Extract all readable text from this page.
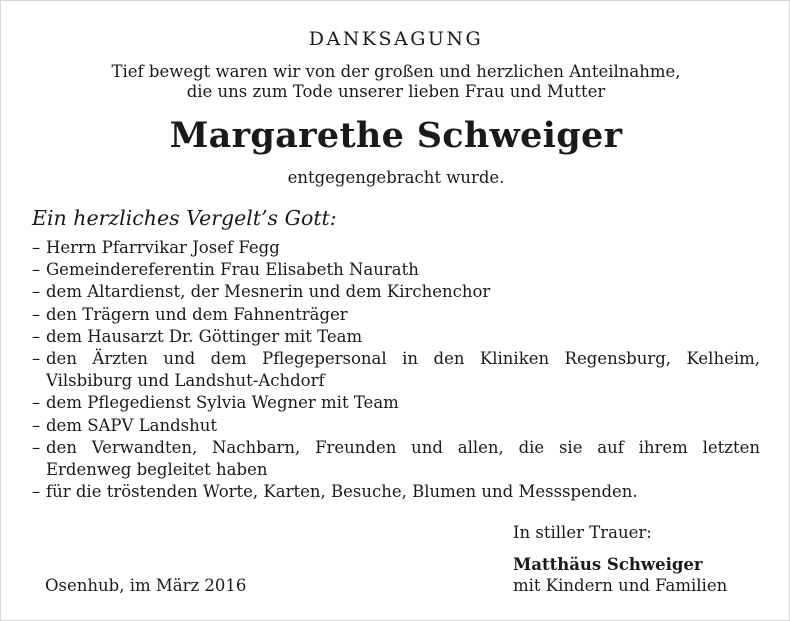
DANKSAGUNG
Tief bewegt waren wir von der großen und herzlichen Anteilnahme,
die uns zum Tode unserer lieben Frau und Mutter
Margarethe Schweiger
entgegengebracht wurde.
Ein herzliches Vergelt’s Gott:
– Herrn Pfarrvikar Josef Fegg
– Gemeindereferentin Frau Elisabeth Naurath
– dem Altardienst, der Mesnerin und dem Kirchenchor
– den Trägern und dem Fahnenträger
– dem Hausarzt Dr. Göttinger mit Team
– den Ärzten und dem Pflegepersonal in den Kliniken Regensburg, Kelheim,
Vilsbiburg und Landshut-Achdorf
– dem Pflegedienst Sylvia Wegner mit Team
– dem SAPV Landshut
– den Verwandten, Nachbarn, Freunden und allen, die sie auf ihrem letzten
Erdenweg begleitet haben
– für die tröstenden Worte, Karten, Besuche, Blumen und Messspenden.
In stiller Trauer:
Matthäus Schweiger
mit Kindern und Familien
Osenhub, im März 2016
